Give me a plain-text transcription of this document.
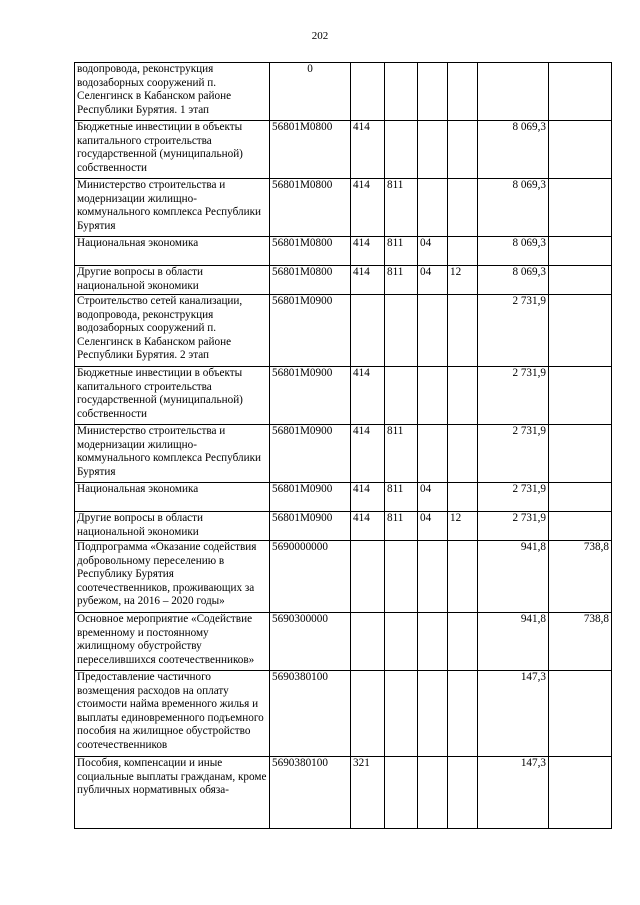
202
водопровода, реконструкция водозаборных сооружений п. Селенгинск в Кабанском районе Республики Бурятия. 1 этап	0						

Бюджетные инвестиции в объекты капитального строительства государственной (муниципальной) собственности	56801M0800	414				8 069,3	
Министерство строительства и модернизации жилищно-коммунального комплекса Республики Бурятия	56801M0800	414	811			8 069,3	
Национальная экономика	56801M0800	414	811	04		8 069,3	
Другие вопросы в области национальной экономики	56801M0800	414	811	04	12	8 069,3	
Строительство сетей канализации, водопровода, реконструкция водозаборных сооружений п. Селенгинск в Кабанском районе Республики Бурятия. 2 этап	56801M0900					2 731,9	
Бюджетные инвестиции в объекты капитального строительства государственной (муниципальной) собственности	56801M0900	414				2 731,9	
Министерство строительства и модернизации жилищно-коммунального комплекса Республики Бурятия	56801M0900	414	811			2 731,9	
Национальная экономика	56801M0900	414	811	04		2 731,9	
Другие вопросы в области национальной экономики	56801M0900	414	811	04	12	2 731,9	
Подпрограмма «Оказание содействия добровольному переселению в Республику Бурятия соотечественников, проживающих за рубежом, на 2016 – 2020 годы»	5690000000					941,8	738,8
Основное мероприятие «Содействие временному и постоянному жилищному обустройству переселившихся соотечественников»	5690300000					941,8	738,8
Предоставление частичного возмещения расходов на оплату стоимости найма временного жилья и выплаты единовременного подъемного пособия на жилищное обустройство соотечественников	5690380100					147,3	
Пособия, компенсации и иные социальные выплаты гражданам, кроме публичных нормативных обяза-	5690380100	321				147,3	
